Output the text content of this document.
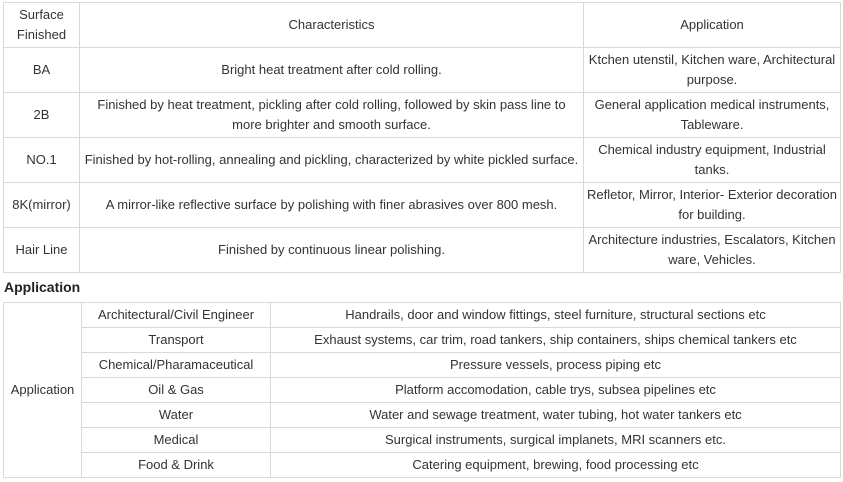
Surface Finished	Characteristics	Application
BA	Bright heat treatment after cold rolling.	Ktchen utenstil, Kitchen ware, Architectural purpose.
2B	Finished by heat treatment, pickling after cold rolling, followed by skin pass line to more brighter and smooth surface.	General application medical instruments, Tableware.
NO.1	Finished by hot-rolling, annealing and pickling, characterized by white pickled surface.	Chemical industry equipment, Industrial tanks.
8K(mirror)	A mirror-like reflective surface by polishing with finer abrasives over 800 mesh.	Refletor, Mirror, Interior- Exterior decoration for building.
Hair Line	Finished by continuous linear polishing.	Architecture industries, Escalators, Kitchen ware, Vehicles.
Application
Application	Architectural/Civil Engineer	Handrails, door and window fittings, steel furniture, structural sections etc
	Transport	Exhaust systems, car trim, road tankers, ship containers, ships chemical tankers etc
	Chemical/Pharamaceutical	Pressure vessels, process piping etc
	Oil & Gas	Platform accomodation, cable trys, subsea pipelines etc
	Water	Water and sewage treatment, water tubing, hot water tankers etc
	Medical	Surgical instruments, surgical implanets, MRI scanners etc.
	Food & Drink	Catering equipment, brewing, food processing etc
